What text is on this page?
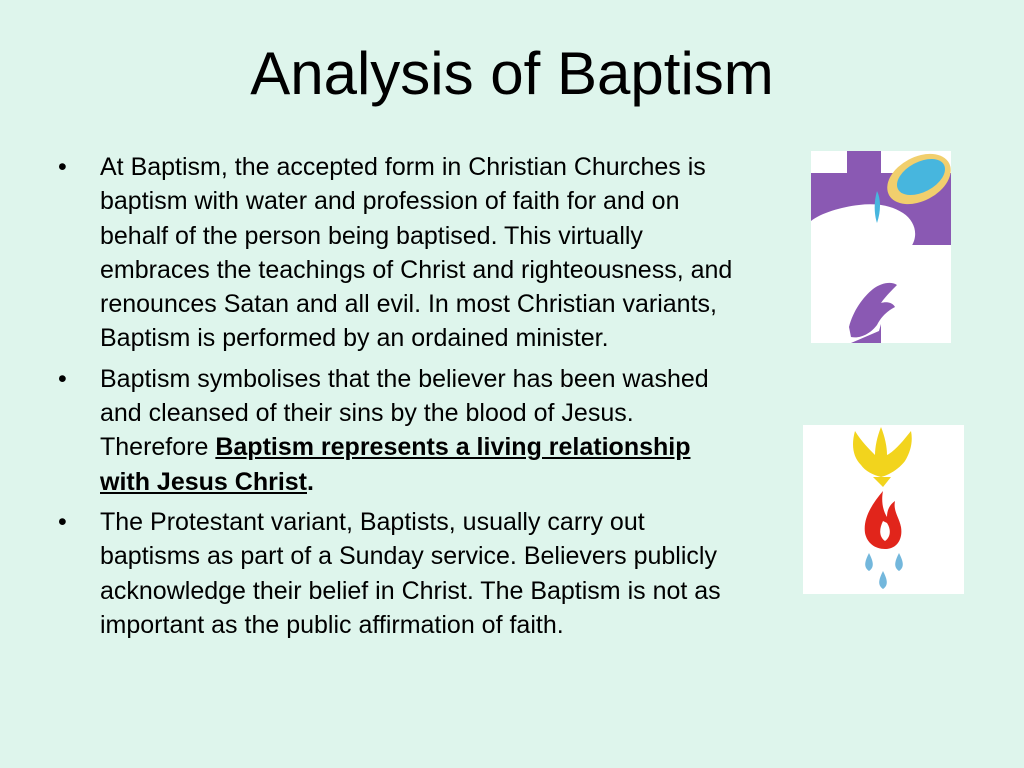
Analysis of Baptism
• At Baptism, the accepted form in Christian Churches is baptism with water and profession of faith for and on behalf of the person being baptised. This virtually embraces the teachings of Christ and righteousness, and renounces Satan and all evil. In most Christian variants, Baptism is performed by an ordained minister.
• Baptism symbolises that the believer has been washed and cleansed of their sins by the blood of Jesus. Therefore Baptism represents a living relationship with Jesus Christ.
• The Protestant variant, Baptists, usually carry out baptisms as part of a Sunday service. Believers publicly acknowledge their belief in Christ. The Baptism is not as important as the public affirmation of faith.
